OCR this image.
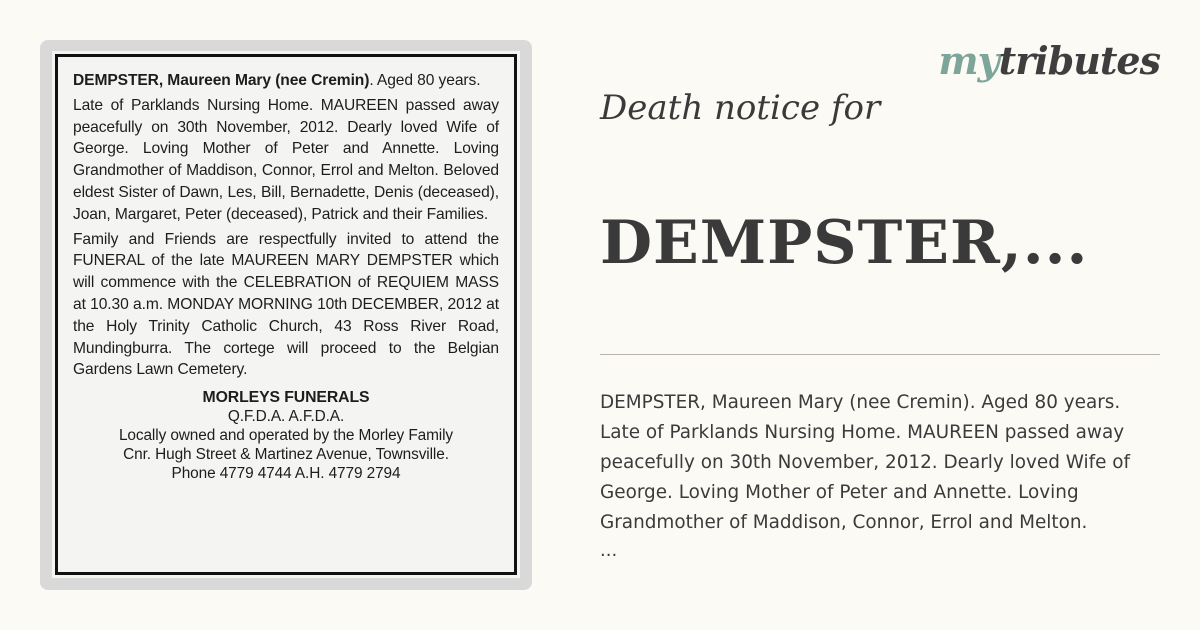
DEMPSTER, Maureen Mary (nee Cremin). Aged 80 years.

Late of Parklands Nursing Home. MAUREEN passed away peacefully on 30th November, 2012. Dearly loved Wife of George. Loving Mother of Peter and Annette. Loving Grandmother of Maddison, Connor, Errol and Melton. Beloved eldest Sister of Dawn, Les, Bill, Bernadette, Denis (deceased), Joan, Margaret, Peter (deceased), Patrick and their Families.

Family and Friends are respectfully invited to attend the FUNERAL of the late MAUREEN MARY DEMPSTER which will commence with the CELEBRATION of REQUIEM MASS at 10.30 a.m. MONDAY MORNING 10th DECEMBER, 2012 at the Holy Trinity Catholic Church, 43 Ross River Road, Mundingburra. The cortege will proceed to the Belgian Gardens Lawn Cemetery.

MORLEYS FUNERALS
Q.F.D.A. A.F.D.A.
Locally owned and operated by the Morley Family
Cnr. Hugh Street & Martinez Avenue, Townsville.
Phone 4779 4744 A.H. 4779 2794
mytributes
Death notice for
DEMPSTER,...
DEMPSTER, Maureen Mary (nee Cremin). Aged 80 years.
Late of Parklands Nursing Home. MAUREEN passed away
peacefully on 30th November, 2012. Dearly loved Wife of
George. Loving Mother of Peter and Annette. Loving
Grandmother of Maddison, Connor, Errol and Melton.
...
